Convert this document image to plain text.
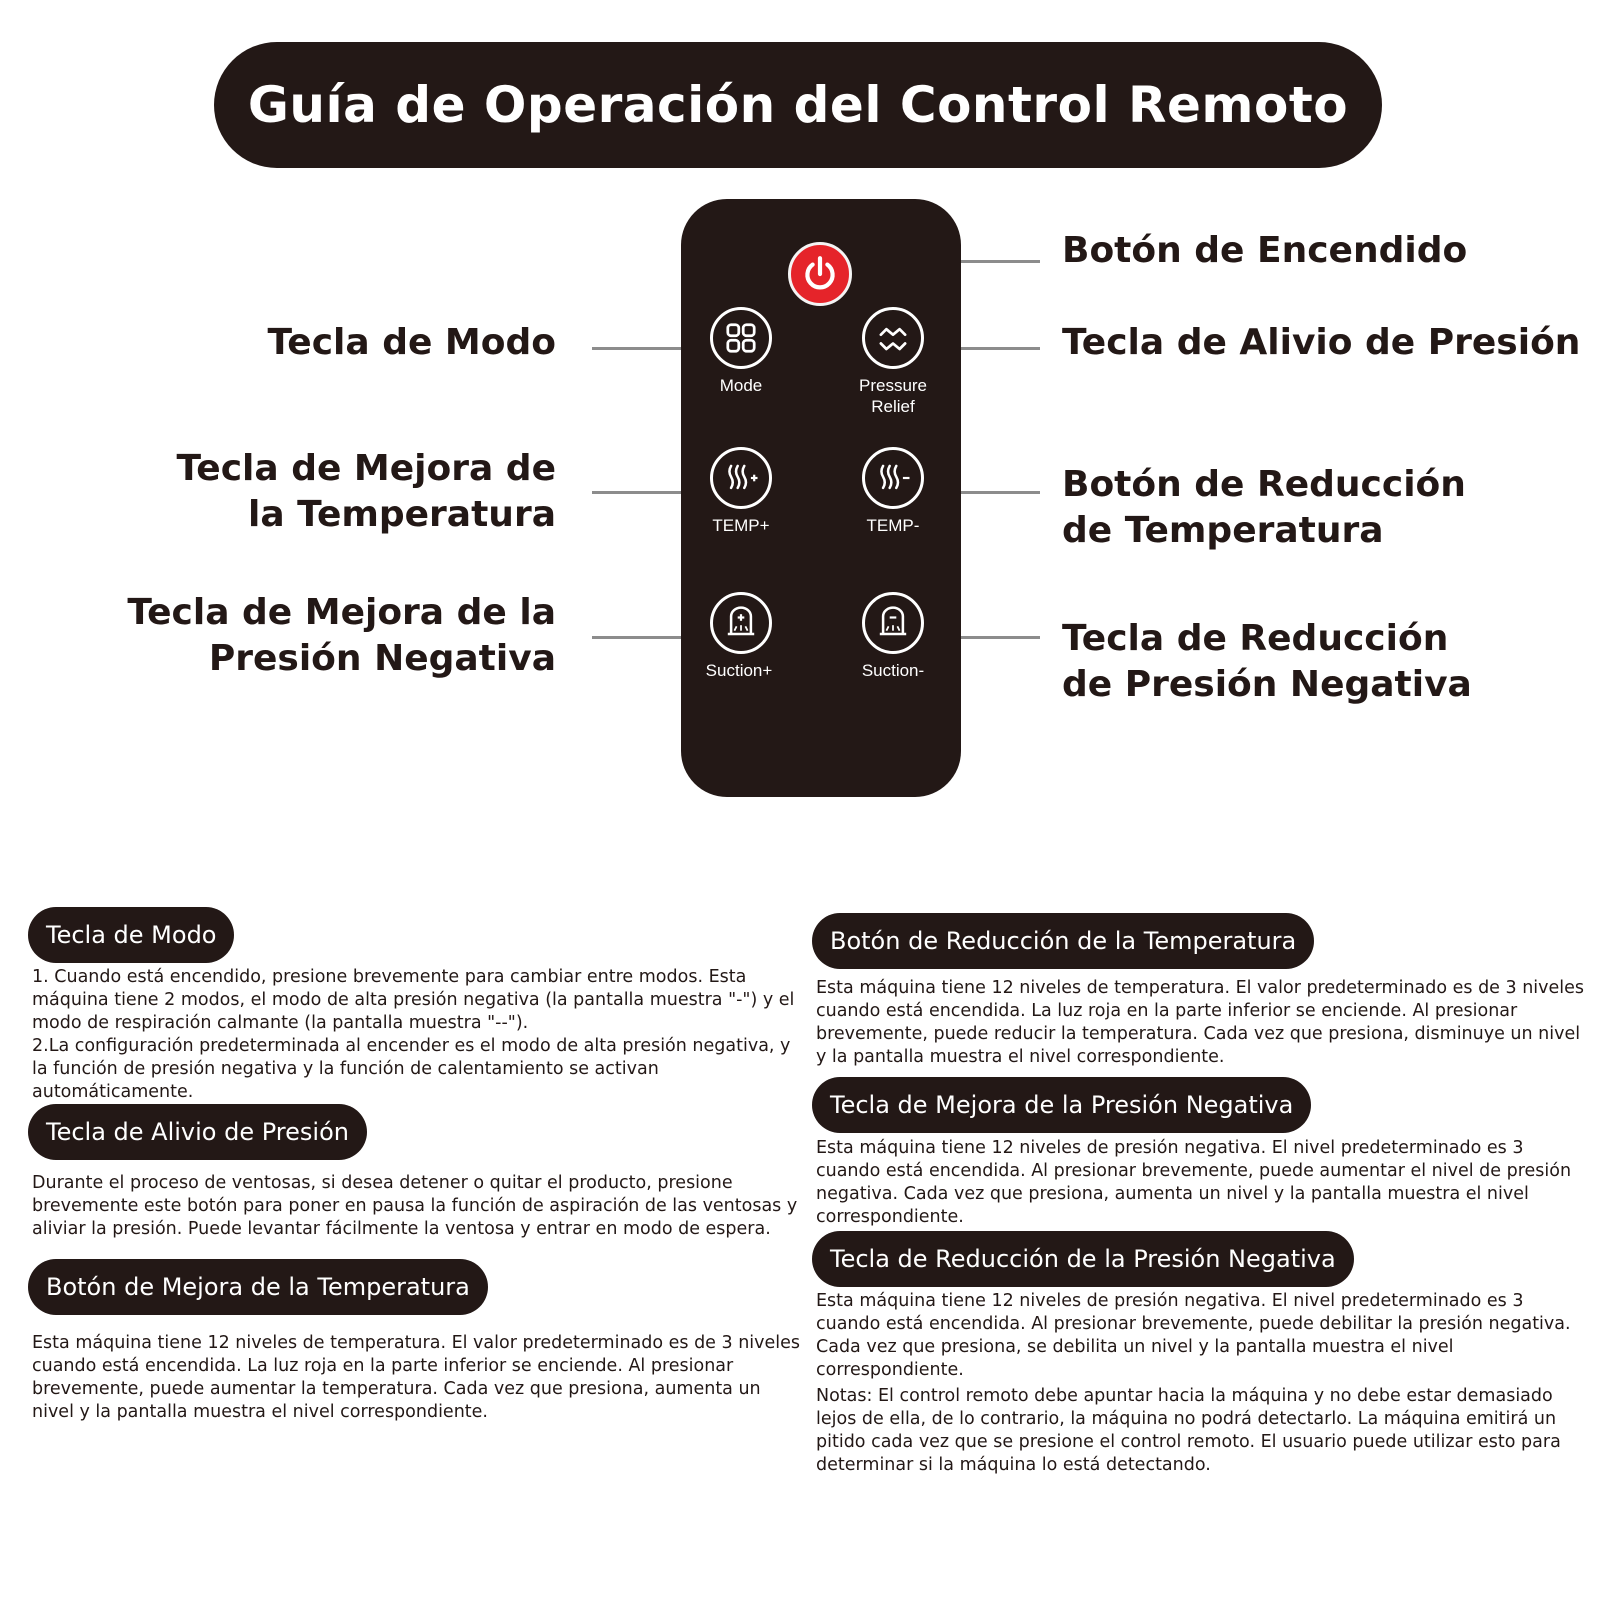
Guía de Operación del Control Remoto
Mode	Pressure
Relief
TEMP+	TEMP-
Suction+	Suction-
Botón de Encendido
Tecla de Modo	Tecla de Alivio de Presión
Tecla de Mejora de
la Temperatura
Botón de Reducción
de Temperatura
Tecla de Mejora de la
Presión Negativa	Tecla de Reducción
de Presión Negativa
Tecla de Modo

1. Cuando está encendido, presione brevemente para cambiar entre modos. Esta máquina tiene 2 modos, el modo de alta presión negativa (la pantalla muestra "-") y el modo de respiración calmante (la pantalla muestra "--").

2.La configuración predeterminada al encender es el modo de alta presión negativa, y la función de presión negativa y la función de calentamiento se activan automáticamente.

Tecla de Alivio de Presión

Durante el proceso de ventosas, si desea detener o quitar el producto, presione brevemente este botón para poner en pausa la función de aspiración de las ventosas y aliviar la presión. Puede levantar fácilmente la ventosa y entrar en modo de espera.

Botón de Mejora de la Temperatura

Esta máquina tiene 12 niveles de temperatura. El valor predeterminado es de 3 niveles cuando está encendida. La luz roja en la parte inferior se enciende. Al presionar brevemente, puede aumentar la temperatura. Cada vez que presiona, aumenta un nivel y la pantalla muestra el nivel correspondiente.

Botón de Reducción de la Temperatura

Esta máquina tiene 12 niveles de temperatura. El valor predeterminado es de 3 niveles cuando está encendida. La luz roja en la parte inferior se enciende. Al presionar brevemente, puede reducir la temperatura. Cada vez que presiona, disminuye un nivel y la pantalla muestra el nivel correspondiente.

Tecla de Mejora de la Presión Negativa

Esta máquina tiene 12 niveles de presión negativa. El nivel predeterminado es 3 cuando está encendida. Al presionar brevemente, puede aumentar el nivel de presión negativa. Cada vez que presiona, aumenta un nivel y la pantalla muestra el nivel correspondiente.

Tecla de Reducción de la Presión Negativa

Esta máquina tiene 12 niveles de presión negativa. El nivel predeterminado es 3 cuando está encendida. Al presionar brevemente, puede debilitar la presión negativa. Cada vez que presiona, se debilita un nivel y la pantalla muestra el nivel correspondiente.

Notas: El control remoto debe apuntar hacia la máquina y no debe estar demasiado lejos de ella, de lo contrario, la máquina no podrá detectarlo. La máquina emitirá un pitido cada vez que se presione el control remoto. El usuario puede utilizar esto para determinar si la máquina lo está detectando.
